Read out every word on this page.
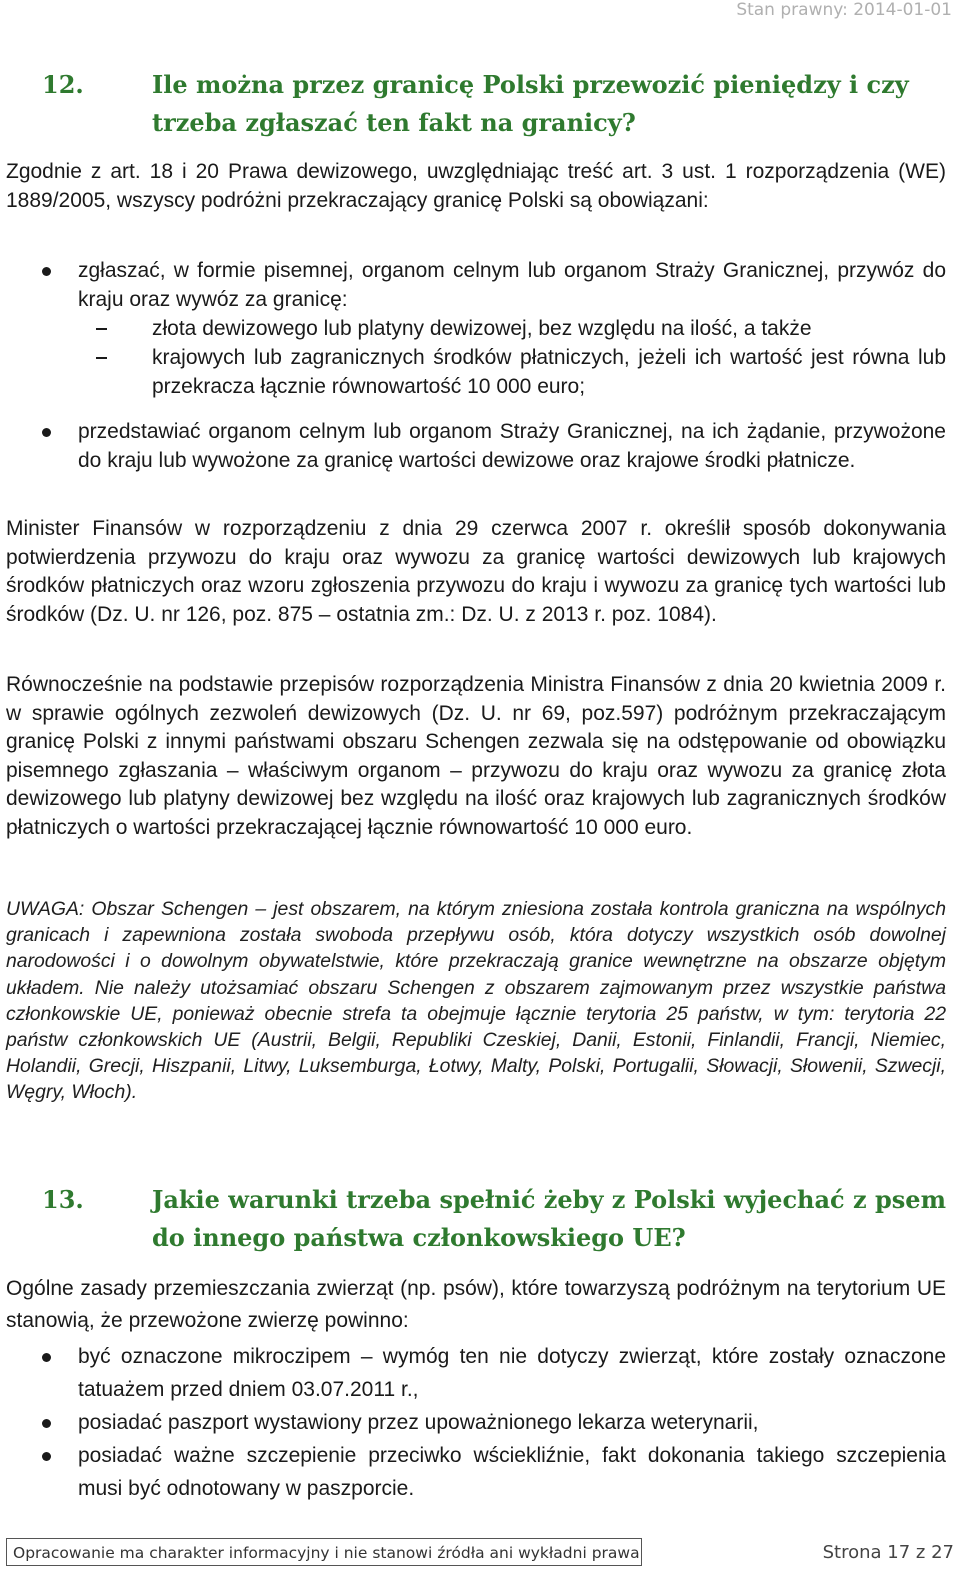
Stan prawny: 2014-01-01
12.	Ile można przez granicę Polski przewozić pieniędzy i czy trzeba zgłaszać ten fakt na granicy?
Zgodnie z art. 18 i 20 Prawa dewizowego, uwzględniając treść art. 3 ust. 1 rozporządzenia (WE) 1889/2005, wszyscy podróżni przekraczający granicę Polski są obowiązani:
zgłaszać, w formie pisemnej, organom celnym lub organom Straży Granicznej, przywóz do kraju oraz wywóz za granicę:
złota dewizowego lub platyny dewizowej, bez względu na ilość, a także
krajowych lub zagranicznych środków płatniczych, jeżeli ich wartość jest równa lub przekracza łącznie równowartość 10 000 euro;
przedstawiać organom celnym lub organom Straży Granicznej, na ich żądanie, przywożone do kraju lub wywożone za granicę wartości dewizowe oraz krajowe środki płatnicze.
Minister Finansów w rozporządzeniu z dnia 29 czerwca 2007 r. określił sposób dokonywania potwierdzenia przywozu do kraju oraz wywozu za granicę wartości dewizowych lub krajowych środków płatniczych oraz wzoru zgłoszenia przywozu do kraju i wywozu za granicę tych wartości lub środków (Dz. U. nr 126, poz. 875 – ostatnia zm.: Dz. U. z 2013 r. poz. 1084).
Równocześnie na podstawie przepisów rozporządzenia Ministra Finansów z dnia 20 kwietnia 2009 r. w sprawie ogólnych zezwoleń dewizowych (Dz. U. nr 69, poz.597) podróżnym przekraczającym granicę Polski z innymi państwami obszaru Schengen zezwala się na odstępowanie od obowiązku pisemnego zgłaszania – właściwym organom – przywozu do kraju oraz wywozu za granicę złota dewizowego lub platyny dewizowej bez względu na ilość oraz krajowych lub zagranicznych środków płatniczych o wartości przekraczającej łącznie równowartość 10 000 euro.
UWAGA: Obszar Schengen – jest obszarem, na którym zniesiona została kontrola graniczna na wspólnych granicach i zapewniona została swoboda przepływu osób, która dotyczy wszystkich osób dowolnej narodowości i o dowolnym obywatelstwie, które przekraczają granice wewnętrzne na obszarze objętym układem. Nie należy utożsamiać obszaru Schengen z obszarem zajmowanym przez wszystkie państwa członkowskie UE, ponieważ obecnie strefa ta obejmuje łącznie terytoria 25 państw, w tym: terytoria 22 państw członkowskich UE (Austrii, Belgii, Republiki Czeskiej, Danii, Estonii, Finlandii, Francji, Niemiec, Holandii, Grecji, Hiszpanii, Litwy, Luksemburga, Łotwy, Malty, Polski, Portugalii, Słowacji, Słowenii, Szwecji, Węgry, Włoch).
13.	Jakie warunki trzeba spełnić żeby z Polski wyjechać z psem do innego państwa członkowskiego UE?
Ogólne zasady przemieszczania zwierząt (np. psów), które towarzyszą podróżnym na terytorium UE stanowią, że przewożone zwierzę powinno:
być oznaczone mikroczipem – wymóg ten nie dotyczy zwierząt, które zostały oznaczone tatuażem przed dniem 03.07.2011 r.,
posiadać paszport wystawiony przez upoważnionego lekarza weterynarii,
posiadać ważne szczepienie przeciwko wściekliźnie, fakt dokonania takiego szczepienia musi być odnotowany w paszporcie.
Opracowanie ma charakter informacyjny i nie stanowi źródła ani wykładni prawa	Strona 17 z 27
